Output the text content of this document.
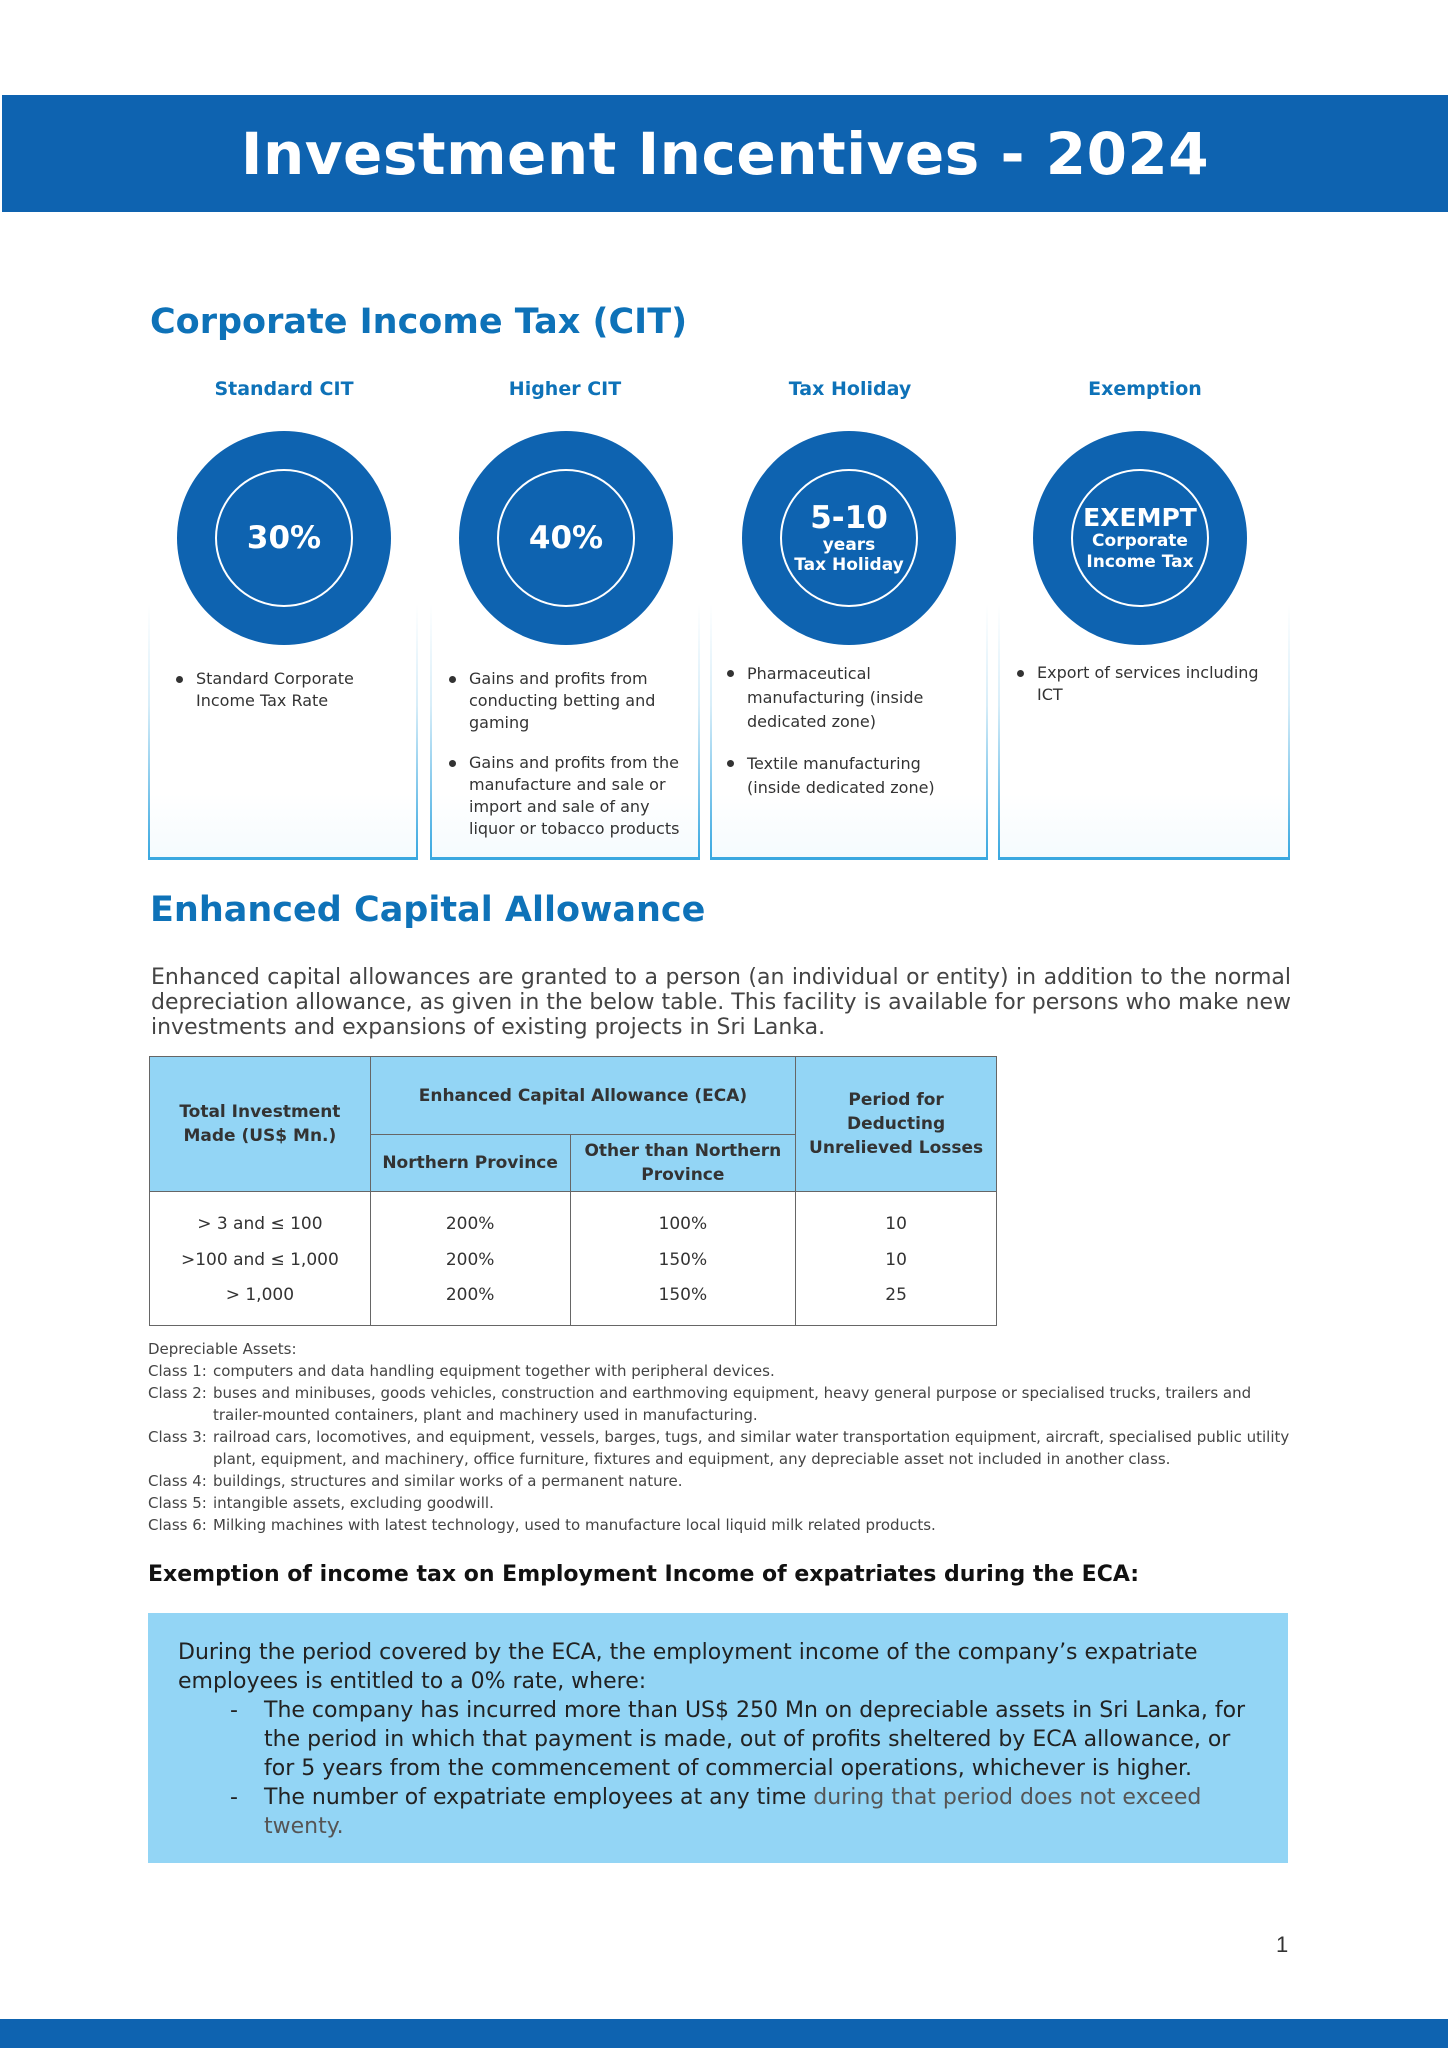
Investment Incentives - 2024
Corporate Income Tax (CIT)
Standard CIT
30%
Standard Corporate Income Tax Rate
Higher CIT
40%
Gains and profits from conducting betting and gaming
Gains and profits from the manufacture and sale or import and sale of any liquor or tobacco products
Tax Holiday
5-10
years
Tax Holiday
Pharmaceutical manufacturing (inside dedicated zone)
Textile manufacturing (inside dedicated zone)
Exemption
EXEMPT
Corporate
Income Tax
Export of services including ICT
Enhanced Capital Allowance

Enhanced capital allowances are granted to a person (an individual or entity) in addition to the normal depreciation allowance, as given in the below table. This facility is available for persons who make new investments and expansions of existing projects in Sri Lanka.

Total Investment Made (US$ Mn.)	Enhanced Capital Allowance (ECA)		Period for Deducting Unrelieved Losses
	Northern Province	Other than Northern Province	
> 3 and ≤ 100	200%	100%	10
>100 and ≤ 1,000	200%	150%	10
> 1,000	200%	150%	25
Depreciable Assets:
Class 1: computers and data handling equipment together with peripheral devices.
Class 2: buses and minibuses, goods vehicles, construction and earthmoving equipment, heavy general purpose or specialised trucks, trailers and trailer-mounted containers, plant and machinery used in manufacturing.
Class 3: railroad cars, locomotives, and equipment, vessels, barges, tugs, and similar water transportation equipment, aircraft, specialised public utility plant, equipment, and machinery, office furniture, fixtures and equipment, any depreciable asset not included in another class.
Class 4: buildings, structures and similar works of a permanent nature.
Class 5: intangible assets, excluding goodwill.
Class 6: Milking machines with latest technology, used to manufacture local liquid milk related products.
Exemption of income tax on Employment Income of expatriates during the ECA:
During the period covered by the ECA, the employment income of the company’s expatriate employees is entitled to a 0% rate, where:
-	The company has incurred more than US$ 250 Mn on depreciable assets in Sri Lanka, for the period in which that payment is made, out of profits sheltered by ECA allowance, or for 5 years from the commencement of commercial operations, whichever is higher.
-	The number of expatriate employees at any time during that period does not exceed twenty.
1
